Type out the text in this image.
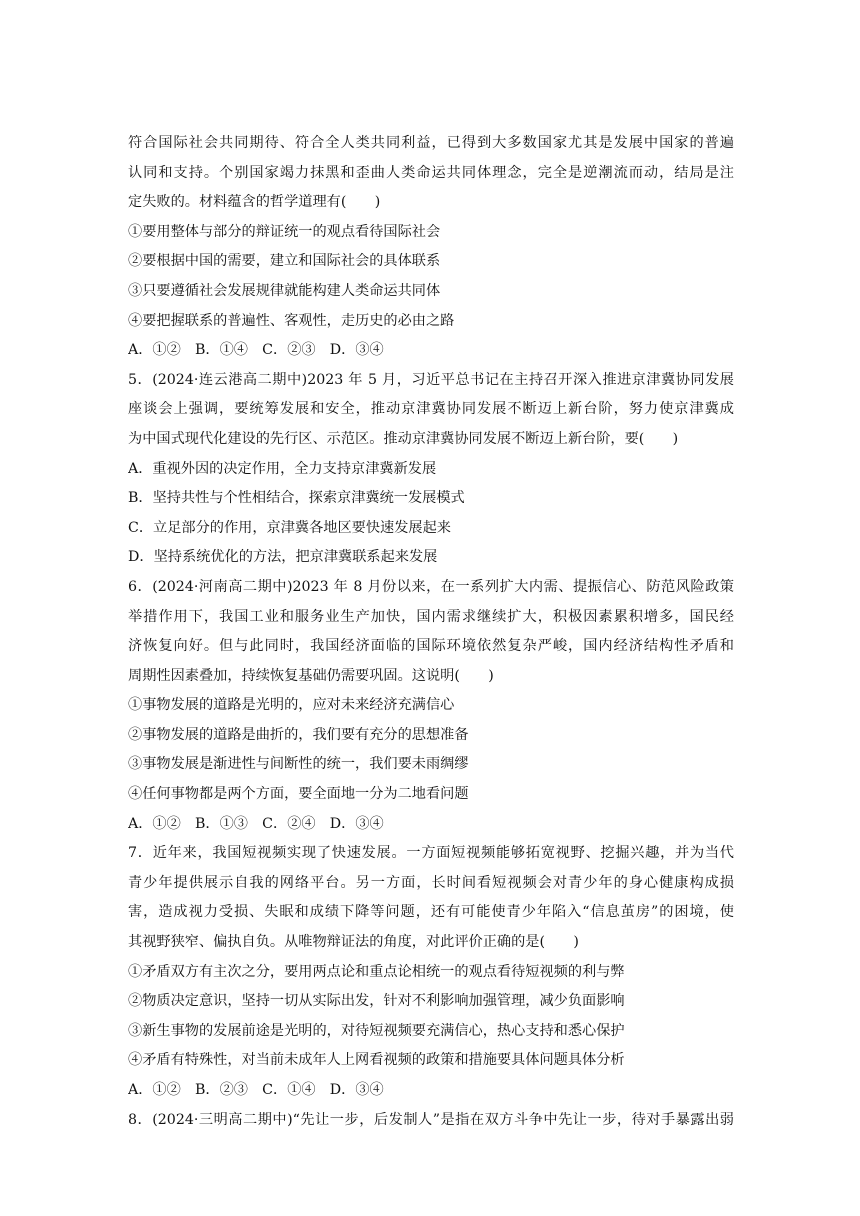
符合国际社会共同期待、符合全人类共同利益，已得到大多数国家尤其是发展中国家的普遍
认同和支持。个别国家竭力抹黑和歪曲人类命运共同体理念，完全是逆潮流而动，结局是注
定失败的。材料蕴含的哲学道理有(　　)
①要用整体与部分的辩证统一的观点看待国际社会
②要根据中国的需要，建立和国际社会的具体联系
③只要遵循社会发展规律就能构建人类命运共同体
④要把握联系的普遍性、客观性，走历史的必由之路
A．①②　B．①④　C．②③　D．③④
5．(2024·连云港高二期中)2023 年 5 月，习近平总书记在主持召开深入推进京津冀协同发展
座谈会上强调，要统筹发展和安全，推动京津冀协同发展不断迈上新台阶，努力使京津冀成
为中国式现代化建设的先行区、示范区。推动京津冀协同发展不断迈上新台阶，要(　　)
A．重视外因的决定作用，全力支持京津冀新发展
B．坚持共性与个性相结合，探索京津冀统一发展模式
C．立足部分的作用，京津冀各地区要快速发展起来
D．坚持系统优化的方法，把京津冀联系起来发展
6．(2024·河南高二期中)2023 年 8 月份以来，在一系列扩大内需、提振信心、防范风险政策
举措作用下，我国工业和服务业生产加快，国内需求继续扩大，积极因素累积增多，国民经
济恢复向好。但与此同时，我国经济面临的国际环境依然复杂严峻，国内经济结构性矛盾和
周期性因素叠加，持续恢复基础仍需要巩固。这说明(　　)
①事物发展的道路是光明的，应对未来经济充满信心
②事物发展的道路是曲折的，我们要有充分的思想准备
③事物发展是渐进性与间断性的统一，我们要未雨绸缪
④任何事物都是两个方面，要全面地一分为二地看问题
A．①②　B．①③　C．②④　D．③④
7．近年来，我国短视频实现了快速发展。一方面短视频能够拓宽视野、挖掘兴趣，并为当代
青少年提供展示自我的网络平台。另一方面，长时间看短视频会对青少年的身心健康构成损
害，造成视力受损、失眠和成绩下降等问题，还有可能使青少年陷入“信息茧房”的困境，使
其视野狭窄、偏执自负。从唯物辩证法的角度，对此评价正确的是(　　)
①矛盾双方有主次之分，要用两点论和重点论相统一的观点看待短视频的利与弊
②物质决定意识，坚持一切从实际出发，针对不利影响加强管理，减少负面影响
③新生事物的发展前途是光明的，对待短视频要充满信心，热心支持和悉心保护
④矛盾有特殊性，对当前未成年人上网看视频的政策和措施要具体问题具体分析
A．①②　B．②③　C．①④　D．③④
8．(2024·三明高二期中)“先让一步，后发制人”是指在双方斗争中先让一步，待对手暴露出弱
